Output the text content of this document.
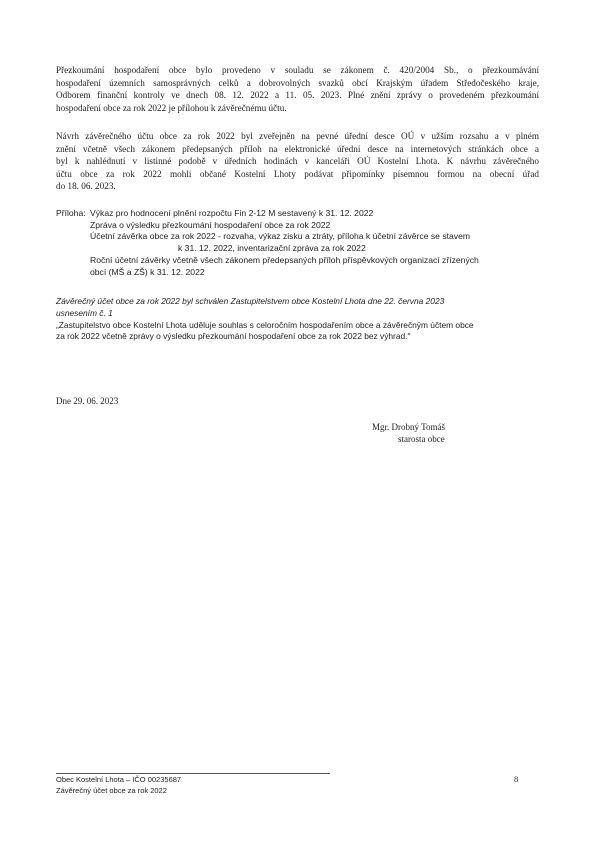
Přezkoumání hospodaření obce bylo provedeno v souladu se zákonem č. 420/2004 Sb., o přezkoumávání
hospodaření územních samosprávných celků a dobrovolných svazků obcí Krajským úřadem Středočeského kraje,
Odborem finanční kontroly ve dnech 08. 12. 2022 a 11. 05. 2023. Plné znění zprávy o provedeném přezkoumání
hospodaření obce za rok 2022 je přílohou k závěrečnému účtu.
Návrh závěrečného účtu obce za rok 2022 byl zveřejněn na pevné úřední desce OÚ v užším rozsahu a v plném
znění včetně všech zákonem předepsaných příloh na elektronické úřední desce na internetových stránkách obce a
byl k nahlédnutí v listinné podobě v úředních hodinách v kanceláři OÚ Kostelní Lhota. K návrhu závěrečného
účtu obce za rok 2022 mohli občané Kostelní Lhoty podávat připomínky písemnou formou na obecní úřad
do 18. 06. 2023.
Příloha: Výkaz pro hodnocení plnění rozpočtu Fin 2-12 M sestavený k 31. 12. 2022
Zpráva o výsledku přezkoumání hospodaření obce za rok 2022
Účetní závěrka obce za rok 2022 - rozvaha, výkaz zisku a ztráty, příloha k účetní závěrce se stavem
k 31. 12. 2022, inventarizační zpráva za rok 2022
Roční účetní závěrky včetně všech zákonem předepsaných příloh příspěvkových organizací zřízených
obcí (MŠ a ZŠ) k 31. 12. 2022
Závěrečný účet obce za rok 2022 byl schválen Zastupitelstvem obce Kostelní Lhota dne 22. června 2023
usnesením č. 1
„Zastupitelstvo obce Kostelní Lhota uděluje souhlas s celoročním hospodařením obce a závěrečným účtem obce
za rok 2022 včetně zprávy o výsledku přezkoumání hospodaření obce za rok 2022 bez výhrad."
Dne 29. 06. 2023
Mgr. Drobný Tomáš
starosta obce
Obec Kostelní Lhota – IČO 00235687
Závěrečný účet obce za rok 2022
8
